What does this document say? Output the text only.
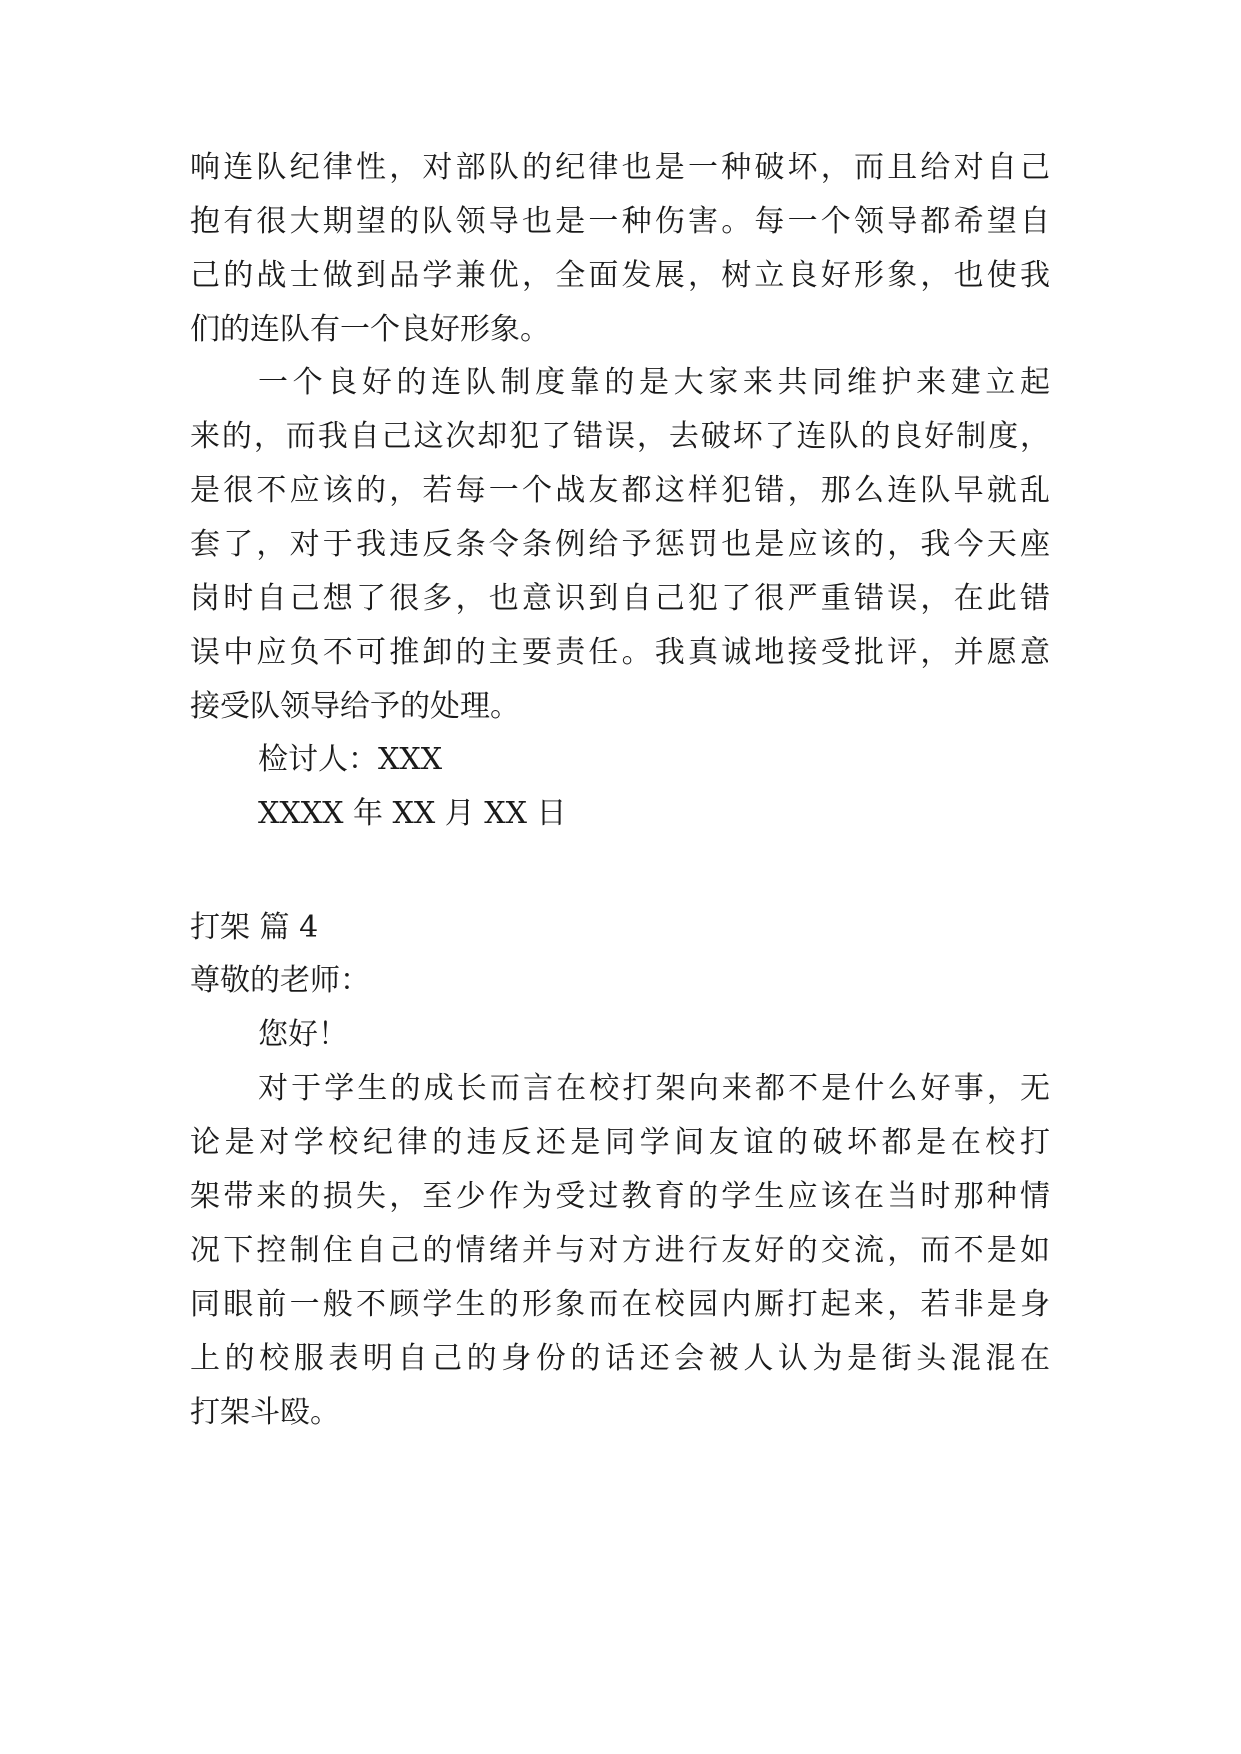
响连队纪律性，对部队的纪律也是一种破坏，而且给对自己
抱有很大期望的队领导也是一种伤害。每一个领导都希望自
己的战士做到品学兼优，全面发展，树立良好形象，也使我
们的连队有一个良好形象。
一个良好的连队制度靠的是大家来共同维护来建立起
来的，而我自己这次却犯了错误，去破坏了连队的良好制度，
是很不应该的，若每一个战友都这样犯错，那么连队早就乱
套了，对于我违反条令条例给予惩罚也是应该的，我今天座
岗时自己想了很多，也意识到自己犯了很严重错误，在此错
误中应负不可推卸的主要责任。我真诚地接受批评，并愿意
接受队领导给予的处理。
检讨人：XXX
XXXX 年 XX 月 XX 日
打架 篇 4
尊敬的老师：
您好！
对于学生的成长而言在校打架向来都不是什么好事，无
论是对学校纪律的违反还是同学间友谊的破坏都是在校打
架带来的损失，至少作为受过教育的学生应该在当时那种情
况下控制住自己的情绪并与对方进行友好的交流，而不是如
同眼前一般不顾学生的形象而在校园内厮打起来，若非是身
上的校服表明自己的身份的话还会被人认为是街头混混在
打架斗殴。
